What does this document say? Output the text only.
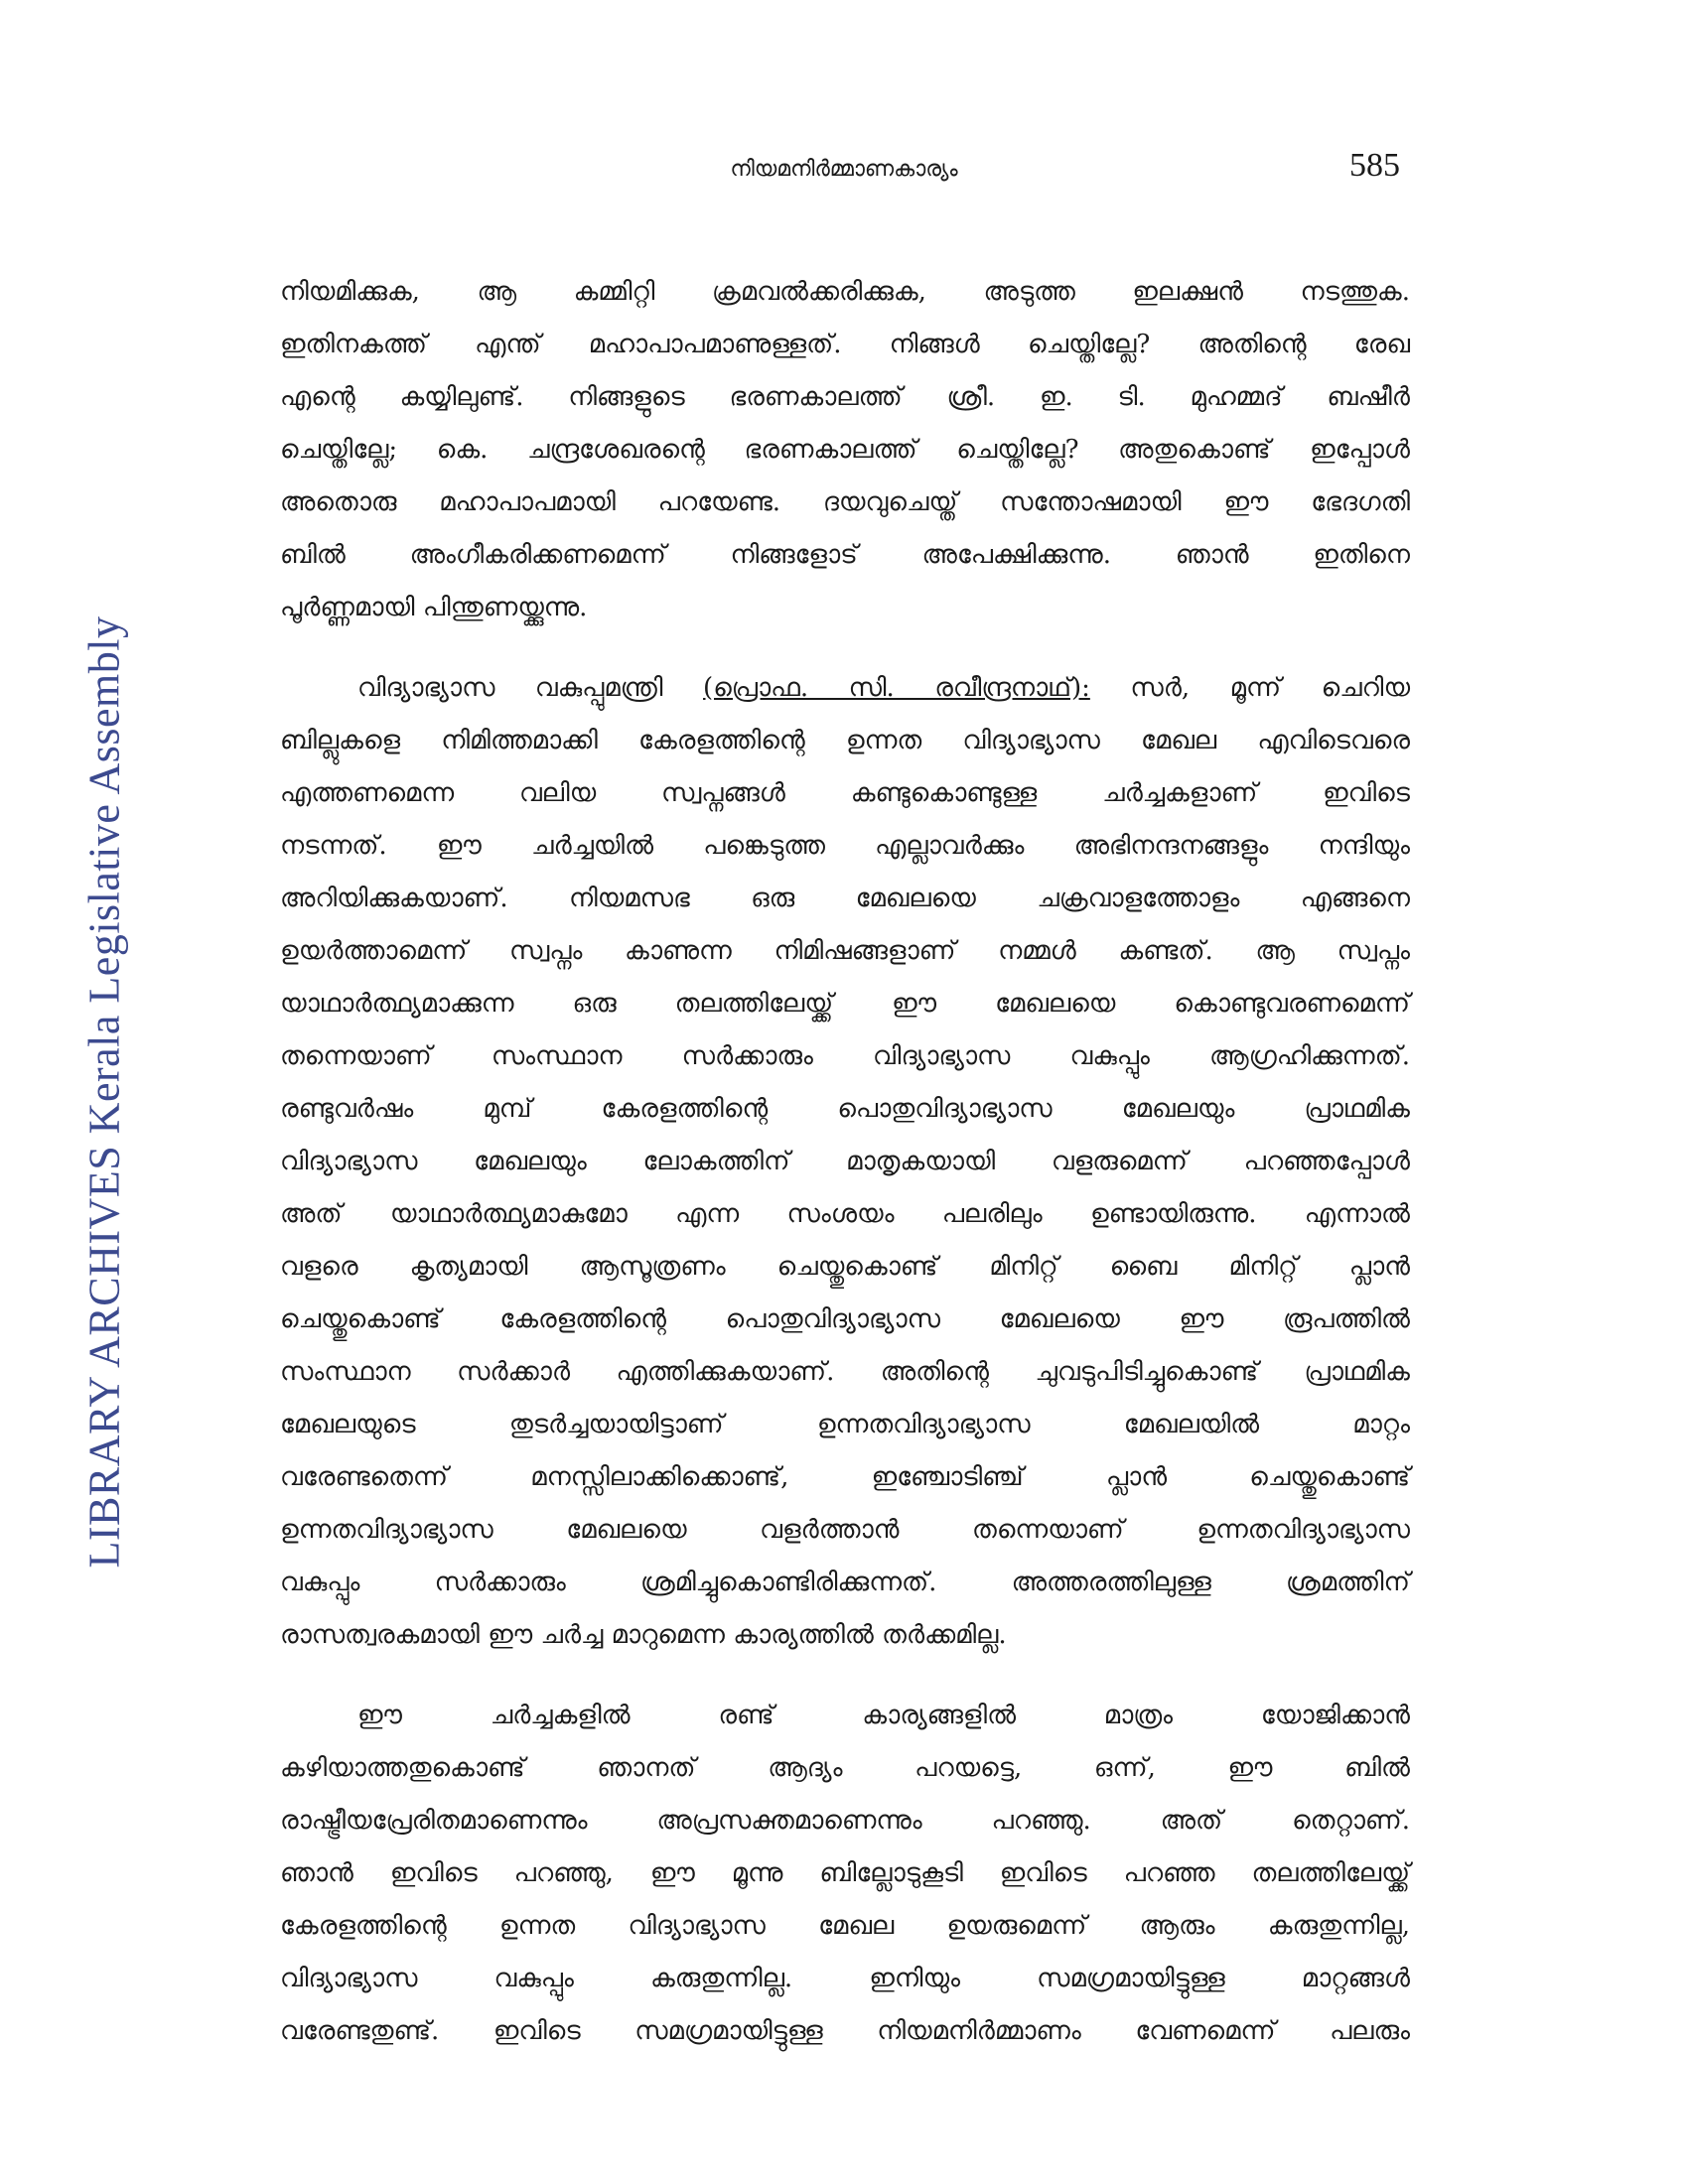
LIBRARY ARCHIVES Kerala Legislative Assembly
നിയമനിർമ്മാണകാര്യം	585
നിയമിക്കുക, ആ കമ്മിറ്റി ക്രമവൽക്കരിക്കുക, അടുത്ത ഇലക്ഷൻ നടത്തുക.
ഇതിനകത്ത് എന്ത് മഹാപാപമാണുള്ളത്. നിങ്ങൾ ചെയ്തില്ലേ? അതിന്റെ രേഖ
എന്റെ കയ്യിലുണ്ട്. നിങ്ങളുടെ ഭരണകാലത്ത് ശ്രീ. ഇ. ടി. മുഹമ്മദ് ബഷീർ
ചെയ്തില്ലേ; കെ. ചന്ദ്രശേഖരന്റെ ഭരണകാലത്ത് ചെയ്തില്ലേ? അതുകൊണ്ട് ഇപ്പോൾ
അതൊരു മഹാപാപമായി പറയേണ്ട. ദയവുചെയ്ത് സന്തോഷമായി ഈ ഭേദഗതി
ബിൽ അംഗീകരിക്കണമെന്ന് നിങ്ങളോട് അപേക്ഷിക്കുന്നു. ഞാൻ ഇതിനെ
പൂർണ്ണമായി പിന്തുണയ്ക്കുന്നു.
വിദ്യാഭ്യാസ വകുപ്പുമന്ത്രി (പ്രൊഫ. സി. രവീന്ദ്രനാഥ്): സർ, മൂന്ന് ചെറിയ
ബില്ലുകളെ നിമിത്തമാക്കി കേരളത്തിന്റെ ഉന്നത വിദ്യാഭ്യാസ മേഖല എവിടെവരെ
എത്തണമെന്ന വലിയ സ്വപ്നങ്ങൾ കണ്ടുകൊണ്ടുള്ള ചർച്ചകളാണ് ഇവിടെ
നടന്നത്. ഈ ചർച്ചയിൽ പങ്കെടുത്ത എല്ലാവർക്കും അഭിനന്ദനങ്ങളും നന്ദിയും
അറിയിക്കുകയാണ്. നിയമസഭ ഒരു മേഖലയെ ചക്രവാളത്തോളം എങ്ങനെ
ഉയർത്താമെന്ന് സ്വപ്നം കാണുന്ന നിമിഷങ്ങളാണ് നമ്മൾ കണ്ടത്. ആ സ്വപ്നം
യാഥാർത്ഥ്യമാക്കുന്ന ഒരു തലത്തിലേയ്ക്ക് ഈ മേഖലയെ കൊണ്ടുവരണമെന്ന്
തന്നെയാണ് സംസ്ഥാന സർക്കാരും വിദ്യാഭ്യാസ വകുപ്പും ആഗ്രഹിക്കുന്നത്.
രണ്ടുവർഷം മുമ്പ് കേരളത്തിന്റെ പൊതുവിദ്യാഭ്യാസ മേഖലയും പ്രാഥമിക
വിദ്യാഭ്യാസ മേഖലയും ലോകത്തിന് മാതൃകയായി വളരുമെന്ന് പറഞ്ഞപ്പോൾ
അത് യാഥാർത്ഥ്യമാകുമോ എന്ന സംശയം പലരിലും ഉണ്ടായിരുന്നു. എന്നാൽ
വളരെ കൃത്യമായി ആസൂത്രണം ചെയ്തുകൊണ്ട് മിനിറ്റ് ബൈ മിനിറ്റ് പ്ലാൻ
ചെയ്തുകൊണ്ട് കേരളത്തിന്റെ പൊതുവിദ്യാഭ്യാസ മേഖലയെ ഈ രൂപത്തിൽ
സംസ്ഥാന സർക്കാർ എത്തിക്കുകയാണ്. അതിന്റെ ചുവടുപിടിച്ചുകൊണ്ട് പ്രാഥമിക
മേഖലയുടെ തുടർച്ചയായിട്ടാണ് ഉന്നതവിദ്യാഭ്യാസ മേഖലയിൽ മാറ്റം
വരേണ്ടതെന്ന് മനസ്സിലാക്കിക്കൊണ്ട്, ഇഞ്ചോടിഞ്ച് പ്ലാൻ ചെയ്തുകൊണ്ട്
ഉന്നതവിദ്യാഭ്യാസ മേഖലയെ വളർത്താൻ തന്നെയാണ് ഉന്നതവിദ്യാഭ്യാസ
വകുപ്പും സർക്കാരും ശ്രമിച്ചുകൊണ്ടിരിക്കുന്നത്. അത്തരത്തിലുള്ള ശ്രമത്തിന്
രാസത്വരകമായി ഈ ചർച്ച മാറുമെന്ന കാര്യത്തിൽ തർക്കമില്ല.
ഈ ചർച്ചകളിൽ രണ്ട് കാര്യങ്ങളിൽ മാത്രം യോജിക്കാൻ
കഴിയാത്തതുകൊണ്ട് ഞാനത് ആദ്യം പറയട്ടെ, ഒന്ന്, ഈ ബിൽ
രാഷ്ട്രീയപ്രേരിതമാണെന്നും അപ്രസക്തമാണെന്നും പറഞ്ഞു. അത് തെറ്റാണ്.
ഞാൻ ഇവിടെ പറഞ്ഞു, ഈ മൂന്നു ബില്ലോടുകൂടി ഇവിടെ പറഞ്ഞ തലത്തിലേയ്ക്ക്
കേരളത്തിന്റെ ഉന്നത വിദ്യാഭ്യാസ മേഖല ഉയരുമെന്ന് ആരും കരുതുന്നില്ല,
വിദ്യാഭ്യാസ വകുപ്പും കരുതുന്നില്ല. ഇനിയും സമഗ്രമായിട്ടുള്ള മാറ്റങ്ങൾ
വരേണ്ടതുണ്ട്. ഇവിടെ സമഗ്രമായിട്ടുള്ള നിയമനിർമ്മാണം വേണമെന്ന് പലരും
